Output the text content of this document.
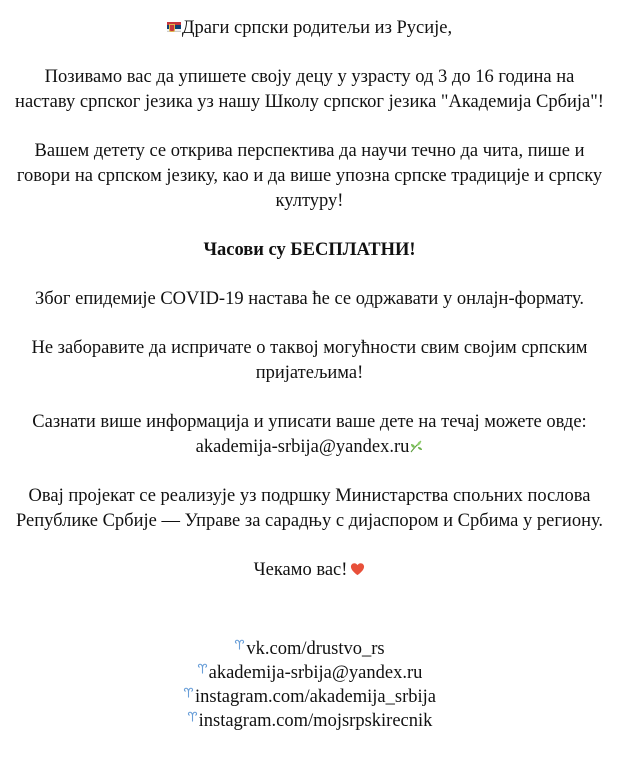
Драги српски родитељи из Русије,

Позивамо вас да упишете своју децу у узрасту од 3 до 16 година на наставу српског језика уз нашу Школу српског језика "Академија Србија"!

Вашем детету се открива перспектива да научи течно да чита, пише и говори на српском језику, као и да више упозна српске традиције и српску културу!

Часови су БЕСПЛАТНИ!

Због епидемије COVID-19 настава ће се одржавати у онлајн-формату.

Не заборавите да испричате о таквој могућности свим својим српским пријатељима!

Сазнати више информација и уписати ваше дете на течај можете овде: akademija-srbija@yandex.ru

Овај пројекат се реализује уз подршку Министарства спољних послова Републике Србије — Управе за сарадњу с дијаспором и Србима у региону.

Чекамо вас!

vk.com/drustvo_rs
akademija-srbija@yandex.ru
instagram.com/akademija_srbija
instagram.com/mojsrpskirecnik
